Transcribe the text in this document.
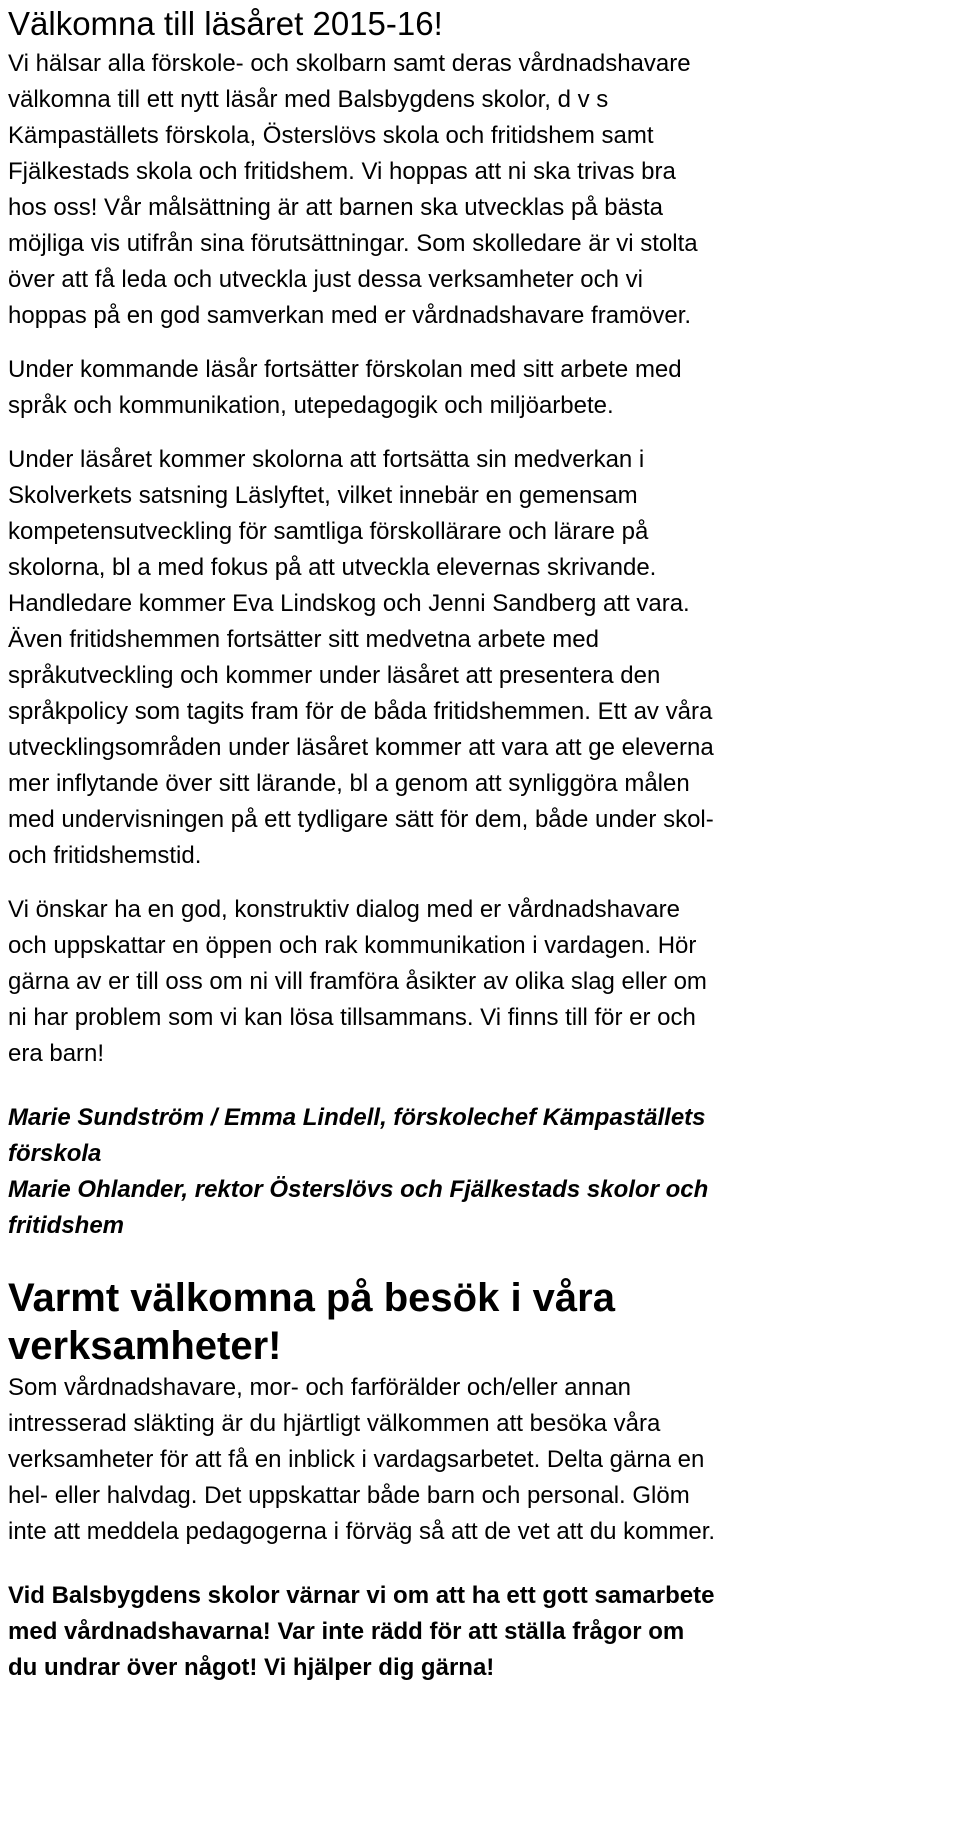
Välkomna till läsåret 2015-16!

Vi hälsar alla förskole- och skolbarn samt deras vårdnadshavare
välkomna till ett nytt läsår med Balsbygdens skolor, d v s
Kämpaställets förskola, Österslövs skola och fritidshem samt
Fjälkestads skola och fritidshem. Vi hoppas att ni ska trivas bra
hos oss! Vår målsättning är att barnen ska utvecklas på bästa
möjliga vis utifrån sina förutsättningar. Som skolledare är vi stolta
över att få leda och utveckla just dessa verksamheter och vi
hoppas på en god samverkan med er vårdnadshavare framöver.

Under kommande läsår fortsätter förskolan med sitt arbete med
språk och kommunikation, utepedagogik och miljöarbete.

Under läsåret kommer skolorna att fortsätta sin medverkan i
Skolverkets satsning Läslyftet, vilket innebär en gemensam
kompetensutveckling för samtliga förskollärare och lärare på
skolorna, bl a med fokus på att utveckla elevernas skrivande.
Handledare kommer Eva Lindskog och Jenni Sandberg att vara.
Även fritidshemmen fortsätter sitt medvetna arbete med
språkutveckling och kommer under läsåret att presentera den
språkpolicy som tagits fram för de båda fritidshemmen. Ett av våra
utvecklingsområden under läsåret kommer att vara att ge eleverna
mer inflytande över sitt lärande, bl a genom att synliggöra målen
med undervisningen på ett tydligare sätt för dem, både under skol-
och fritidshemstid.

Vi önskar ha en god, konstruktiv dialog med er vårdnadshavare
och uppskattar en öppen och rak kommunikation i vardagen. Hör
gärna av er till oss om ni vill framföra åsikter av olika slag eller om
ni har problem som vi kan lösa tillsammans. Vi finns till för er och
era barn!

Marie Sundström / Emma Lindell, förskolechef Kämpaställets
förskola

Marie Ohlander, rektor Österslövs och Fjälkestads skolor och
fritidshem

Varmt välkomna på besök i våra
verksamheter!

Som vårdnadshavare, mor- och farförälder och/eller annan
intresserad släkting är du hjärtligt välkommen att besöka våra
verksamheter för att få en inblick i vardagsarbetet. Delta gärna en
hel- eller halvdag. Det uppskattar både barn och personal. Glöm
inte att meddela pedagogerna i förväg så att de vet att du kommer.

Vid Balsbygdens skolor värnar vi om att ha ett gott samarbete
med vårdnadshavarna! Var inte rädd för att ställa frågor om
du undrar över något! Vi hjälper dig gärna!
